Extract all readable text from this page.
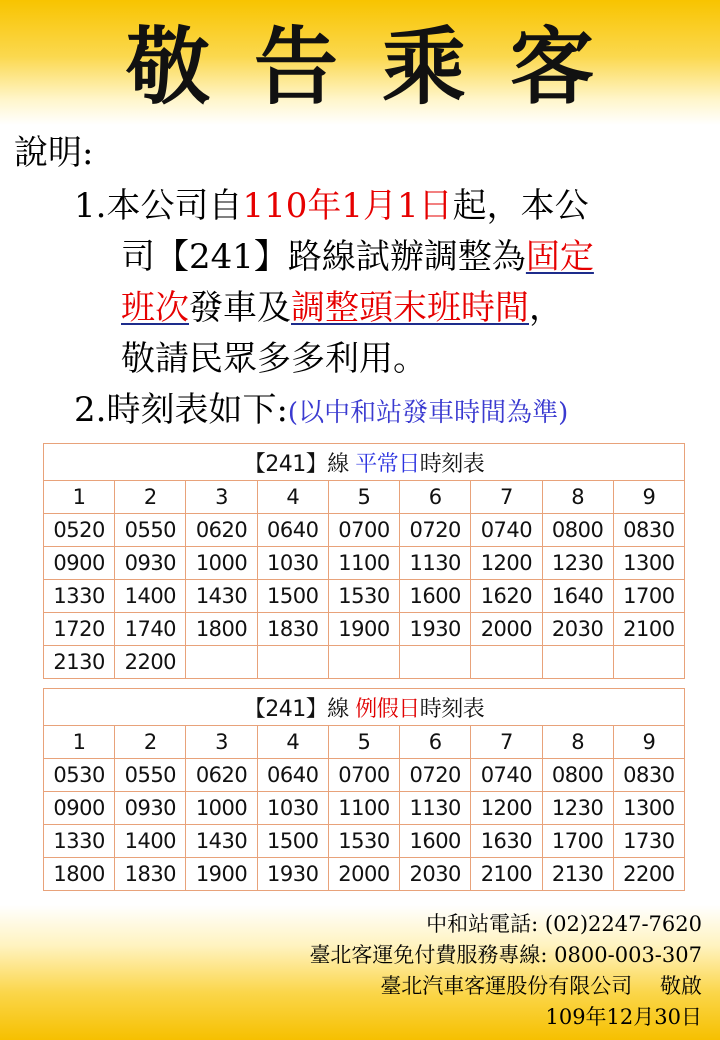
敬告乘客
說明:
1.本公司自110年1月1日起，本公
司【241】路線試辦調整為固定
班次發車及調整頭末班時間，
敬請民眾多多利用。
2.時刻表如下:(以中和站發車時間為準)
【241】線 平常日時刻表								
1	2	3	4	5	6	7	8	9
0520	0550	0620	0640	0700	0720	0740	0800	0830
0900	0930	1000	1030	1100	1130	1200	1230	1300
1330	1400	1430	1500	1530	1600	1620	1640	1700
1720	1740	1800	1830	1900	1930	2000	2030	2100
2130	2200							
【241】線 例假日時刻表								
1	2	3	4	5	6	7	8	9
0530	0550	0620	0640	0700	0720	0740	0800	0830
0900	0930	1000	1030	1100	1130	1200	1230	1300
1330	1400	1430	1500	1530	1600	1630	1700	1730
1800	1830	1900	1930	2000	2030	2100	2130	2200
中和站電話: (02)2247-7620
臺北客運免付費服務專線: 0800-003-307
臺北汽車客運股份有限公司　 敬啟
109年12月30日
